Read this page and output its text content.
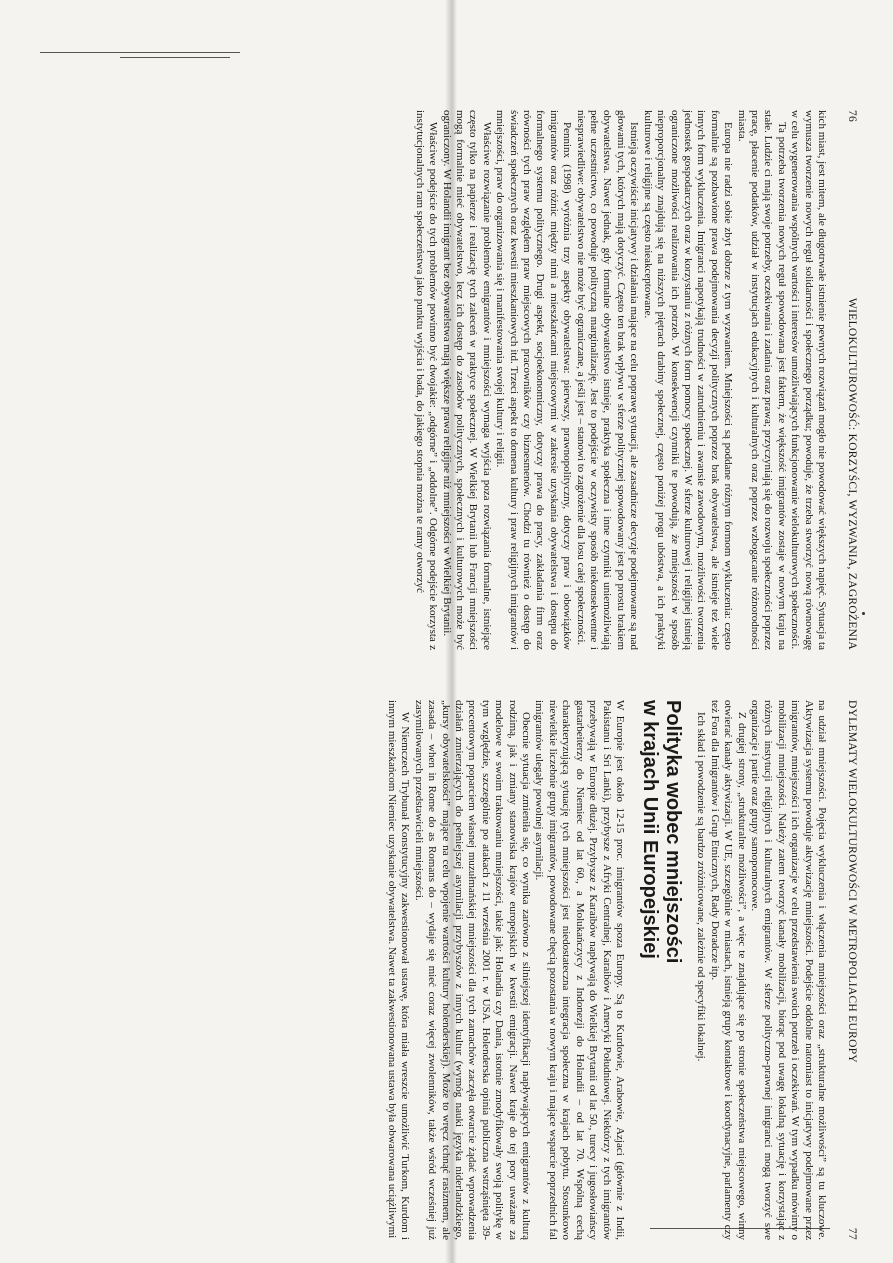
76
WIELOKULTUROWOŚĆ: KORZYŚCI, WYZWANIA, ZAGROŻENIA

kich miast, jest mitem, ale długotrwałe istnienie pewnych rozwiązań mogło nie powodować większych napięć. Sytuacja ta wymusza tworzenie nowych reguł solidarności i społecznego porządku; powoduje, że trzeba stworzyć nową równowagę w celu wygenerowania wspólnych wartości i interesów umożliwiających funkcjonowanie wielokulturowych społeczności.

Ta potrzeba tworzenia nowych reguł spowodowana jest faktem, że większość imigrantów zostaje w nowym kraju na stałe. Ludzie ci mają swoje potrzeby, oczekiwania i zadania oraz prawa; przyczyniają się do rozwoju społeczności poprzez pracę, płacenie podatków, udział w instytucjach edukacyjnych i kulturalnych oraz poprzez wzbogacanie różnorodności miasta.

Europa nie radzi sobie zbyt dobrze z tym wyzwaniem. Mniejszości są poddane różnym formom wykluczenia: często formalnie są pozbawione prawa podejmowania decyzji politycznych poprzez brak obywatelstwa, ale istnieje też wiele innych form wykluczenia. Imigranci napotykają trudności w zatrudnieniu i awansie zawodowym, możliwości tworzenia jednostek gospodarczych oraz w korzystaniu z różnych form pomocy społecznej. W sferze kulturowej i religijnej istnieją ograniczone możliwości realizowania ich potrzeb. W konsekwencji czynniki te powodują, że mniejszości w sposób nieproporcjonalny znajdują się na niższych piętrach drabiny społecznej, często poniżej progu ubóstwa, a ich praktyki kulturowe i religijne są często nieakceptowane.

Istnieją oczywiście inicjatywy i działania mające na celu poprawę sytuacji, ale zasadnicze decyzje podejmowane są nad głowami tych, których mają dotyczyć. Często ten brak wpływu w sferze politycznej spowodowany jest po prostu brakiem obywatelstwa. Nawet jednak, gdy formalne obywatelstwo istnieje, praktyka społeczna i inne czynniki uniemożliwiają pełne uczestnictwo, co powoduje polityczną marginalizację. Jest to podejście w oczywisty sposób niekonsekwentne i niesprawiedliwe: obywatelstwo nie może być ograniczane, a jeśli jest – stanowi to zagrożenie dla losu całej społeczności.

Penninx (1998) wyróżnia trzy aspekty obywatelstwa: pierwszy, prawnopolityczny, dotyczy praw i obowiązków imigrantów oraz różnic między nimi a mieszkańcami miejscowymi w zakresie uzyskania obywatelstwa i dostępu do formalnego systemu politycznego. Drugi aspekt, socjoekonomiczny, dotyczy prawa do pracy, zakładania firm oraz równości tych praw względem praw miejscowych pracowników czy biznesmenów. Chodzi tu również o dostęp do świadczeń społecznych oraz kwestii mieszkaniowych itd. Trzeci aspekt to domena kultury i praw religijnych imigrantów i mniejszości, praw do organizowania się i manifestowania swojej kultury i religii.

Właściwe rozwiązanie problemów emigrantów i mniejszości wymaga wyjścia poza rozwiązania formalne, istniejące często tylko na papierze i realizację tych zaleceń w praktyce społecznej. W Wielkiej Brytanii lub Francji mniejszości mogą formalnie mieć obywatelstwo, lecz ich dostęp do zasobów politycznych, społecznych i kulturowych może być ograniczony. W Holandii imigrant bez obywatelstwa mają większe prawa religijne niż mniejszości w Wielkiej Brytanii.

Właściwe podejście do tych problemów powinno być dwojakie: „odgórne” i „oddolne”. Odgórne podejście korzysta z instytucjonalnych ram społeczeństwa jako punktu wyjścia i bada, do jakiego stopnia można te ramy otworzyć

DYLEMATY WIELOKULTUROWOŚCI W METROPOLIACH EUROPY
77

na udział mniejszości. Pojęcia wykluczenia i włączenia mniejszości oraz „strukturalne możliwości” są tu kluczowe. Aktywizacja systemu powoduje aktywizację mniejszości. Podejście oddolne natomiast to inicjatywy podejmowane przez imigrantów, mniejszości i ich organizacje w celu przedstawienia swoich potrzeb i oczekiwań. W tym wypadku mówimy o mobilizacji mniejszości. Należy zatem tworzyć kanały mobilizacji, biorąc pod uwagę lokalną sytuację i korzystając z różnych instytucji religijnych i kulturalnych emigrantów. W sferze polityczno-prawnej imigranci mogą tworzyć swe organizacje i partie oraz grupy samopomocowe.

Z drugiej strony, „strukturalne możliwości”, a więc te znajdujące się po stronie społeczeństwa miejscowego, winny otwierać kanały aktywizacji. W UE, szczególnie w miastach, istnieją grupy kontaktowe i koordynacyjne, parlamenty czy też Fora dla Imigrantów i Grup Etnicznych, Rady Doradcze itp.

Ich skład i powodzenie są bardzo zróżnicowane, zależnie od specyfiki lokalnej.

Polityka wobec mniejszości
w krajach Unii Europejskiej

W Europie jest około 12-15 proc. imigrantów spoza Europy. Są to Kurdowie, Arabowie, Azjaci (głównie z Indii, Pakistanu i Sri Lanki), przybysze z Afryki Centralnej, Karaibów i Ameryki Południowej. Niektórzy z tych imigrantów przebywają w Europie dłużej. Przybysze z Karaibów napływają do Wielkiej Brytanii od lat 50., turecy i jugosłowiańscy gastarbeiterzy do Niemiec od lat 60., a Molukańczycy z Indonezji do Holandii – od lat 70. Wspólną cechą charakteryzującą sytuację tych mniejszości jest niedostateczna integracja społeczna w krajach pobytu. Stosunkowo niewielkie liczebnie grupy imigrantów, powodowane chęcią pozostania w nowym kraju i mające wsparcie poprzednich fal imigrantów ulegały powolnej asymilacji.

Obecnie sytuacja zmieniła się, co wynika zarówno z silniejszej identyfikacji napływających emigrantów z kulturą rodzimą, jak i zmiany stanowiska krajów europejskich w kwestii emigracji. Nawet kraje do tej pory uważane za modelowe w swoim traktowaniu mniejszości, takie jak: Holandia czy Dania, istotnie zmodyfikowały swoją politykę w tym względzie, szczególnie po atakach z 11 września 2001 r. w USA. Holenderska opinia publiczna wstrząśnięta 39-procentowym poparciem własnej muzułmańskiej mniejszości dla tych zamachów zaczęła otwarcie żądać wprowadzenia działań zmierzających do pełniejszej asymilacji przybyszów z innych kultur (wymóg nauki języka niderlandzkiego, „kursy obywatelskości” mające na celu wpojenie wartości kultury holenderskiej). Może to wręcz tchnąć rasizmem, ale zasada – when in Rome do as Romans do – wydaje się mieć coraz więcej zwolenników, także wśród wcześniej już zasymilowanych przedstawicieli mniejszości.

W Niemczech Trybunał Konstytucyjny zakwestionował ustawę, która miała wreszcie umożliwić Turkom, Kurdom i innym mieszkańcom Niemiec uzyskanie obywatelstwa. Nawet ta zakwestionowana ustawa była obwarowana uciążliwymi
